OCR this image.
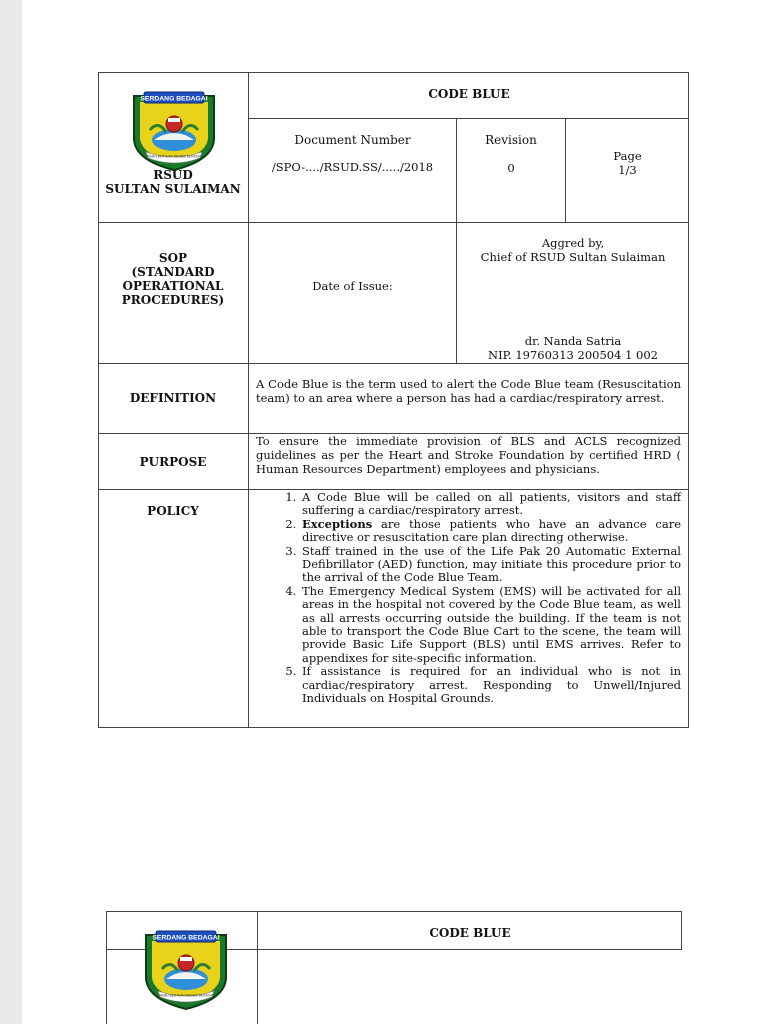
SERDANG BEDAGAI
TANAH BERTUAH NEGERI BERADAT
RSUD
SULTAN SULAIMAN
CODE BLUE
Document Number
/SPO-..../RSUD.SS/...../2018
Revision
0
Page
1/3
SOP
(STANDARD
OPERATIONAL
PROCEDURES)
Date of Issue:
Aggred by,
Chief of RSUD Sultan Sulaiman
dr. Nanda Satria
NIP. 19760313 200504 1 002
DEFINITION
A Code Blue is the term used to alert the Code Blue team (Resuscitation team) to an area where a person has had a cardiac/respiratory arrest.
PURPOSE
To ensure the immediate provision of BLS and ACLS recognized guidelines as per the Heart and Stroke Foundation by certified HRD ( Human Resources Department) employees and physicians.
POLICY
1. A Code Blue will be called on all patients, visitors and staff suffering a cardiac/respiratory arrest.
2. Exceptions are those patients who have an advance care directive or resuscitation care plan directing otherwise.
3. Staff trained in the use of the Life Pak 20 Automatic External Defibrillator (AED) function, may initiate this procedure prior to the arrival of the Code Blue Team.
4. The Emergency Medical System (EMS) will be activated for all areas in the hospital not covered by the Code Blue team, as well as all arrests occurring outside the building. If the team is not able to transport the Code Blue Cart to the scene, the team will provide Basic Life Support (BLS) until EMS arrives. Refer to appendixes for site-specific information.
5. If assistance is required for an individual who is not in cardiac/respiratory arrest. Responding to Unwell/Injured Individuals on Hospital Grounds.
CODE BLUE
SERDANG BEDAGAI
TANAH BERTUAH NEGERI BERADAT
